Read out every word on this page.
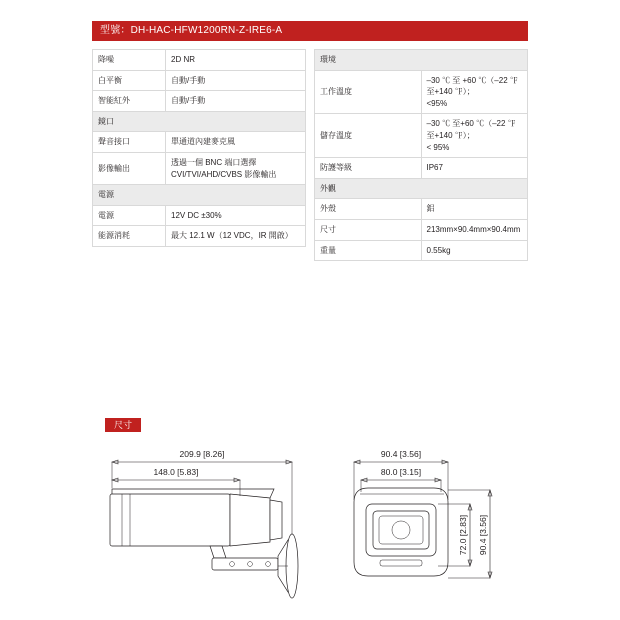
型號：DH-HAC-HFW1200RN-Z-IRE6-A
降噪	2D NR
白平衡	自動/手動
智能紅外	自動/手動
鏡口	
聲音接口	單通道內建麥克風
影像輸出	透過一個 BNC 端口選擇
CVI/TVI/AHD/CVBS 影像輸出

電源	
電源	12V DC ±30%
能源消耗	最大 12.1 W（12 VDC，IR 開啟）
環境	
工作溫度	–30 ℃ 至 +60 ℃（–22 ℉ 至+140 ℉）；
<95%

儲存溫度	–30 ℃ 至+60 ℃（–22 ℉ 至+140 ℉）；
< 95%

防護等級	IP67
外觀	
外殼	鋁
尺寸	213mm×90.4mm×90.4mm
重量	0.55kg
尺寸
209.9 [8.26]
148.0 [5.83]
90.4 [3.56]
80.0 [3.15]
72.0 [2.83] 90.4 [3.56]
